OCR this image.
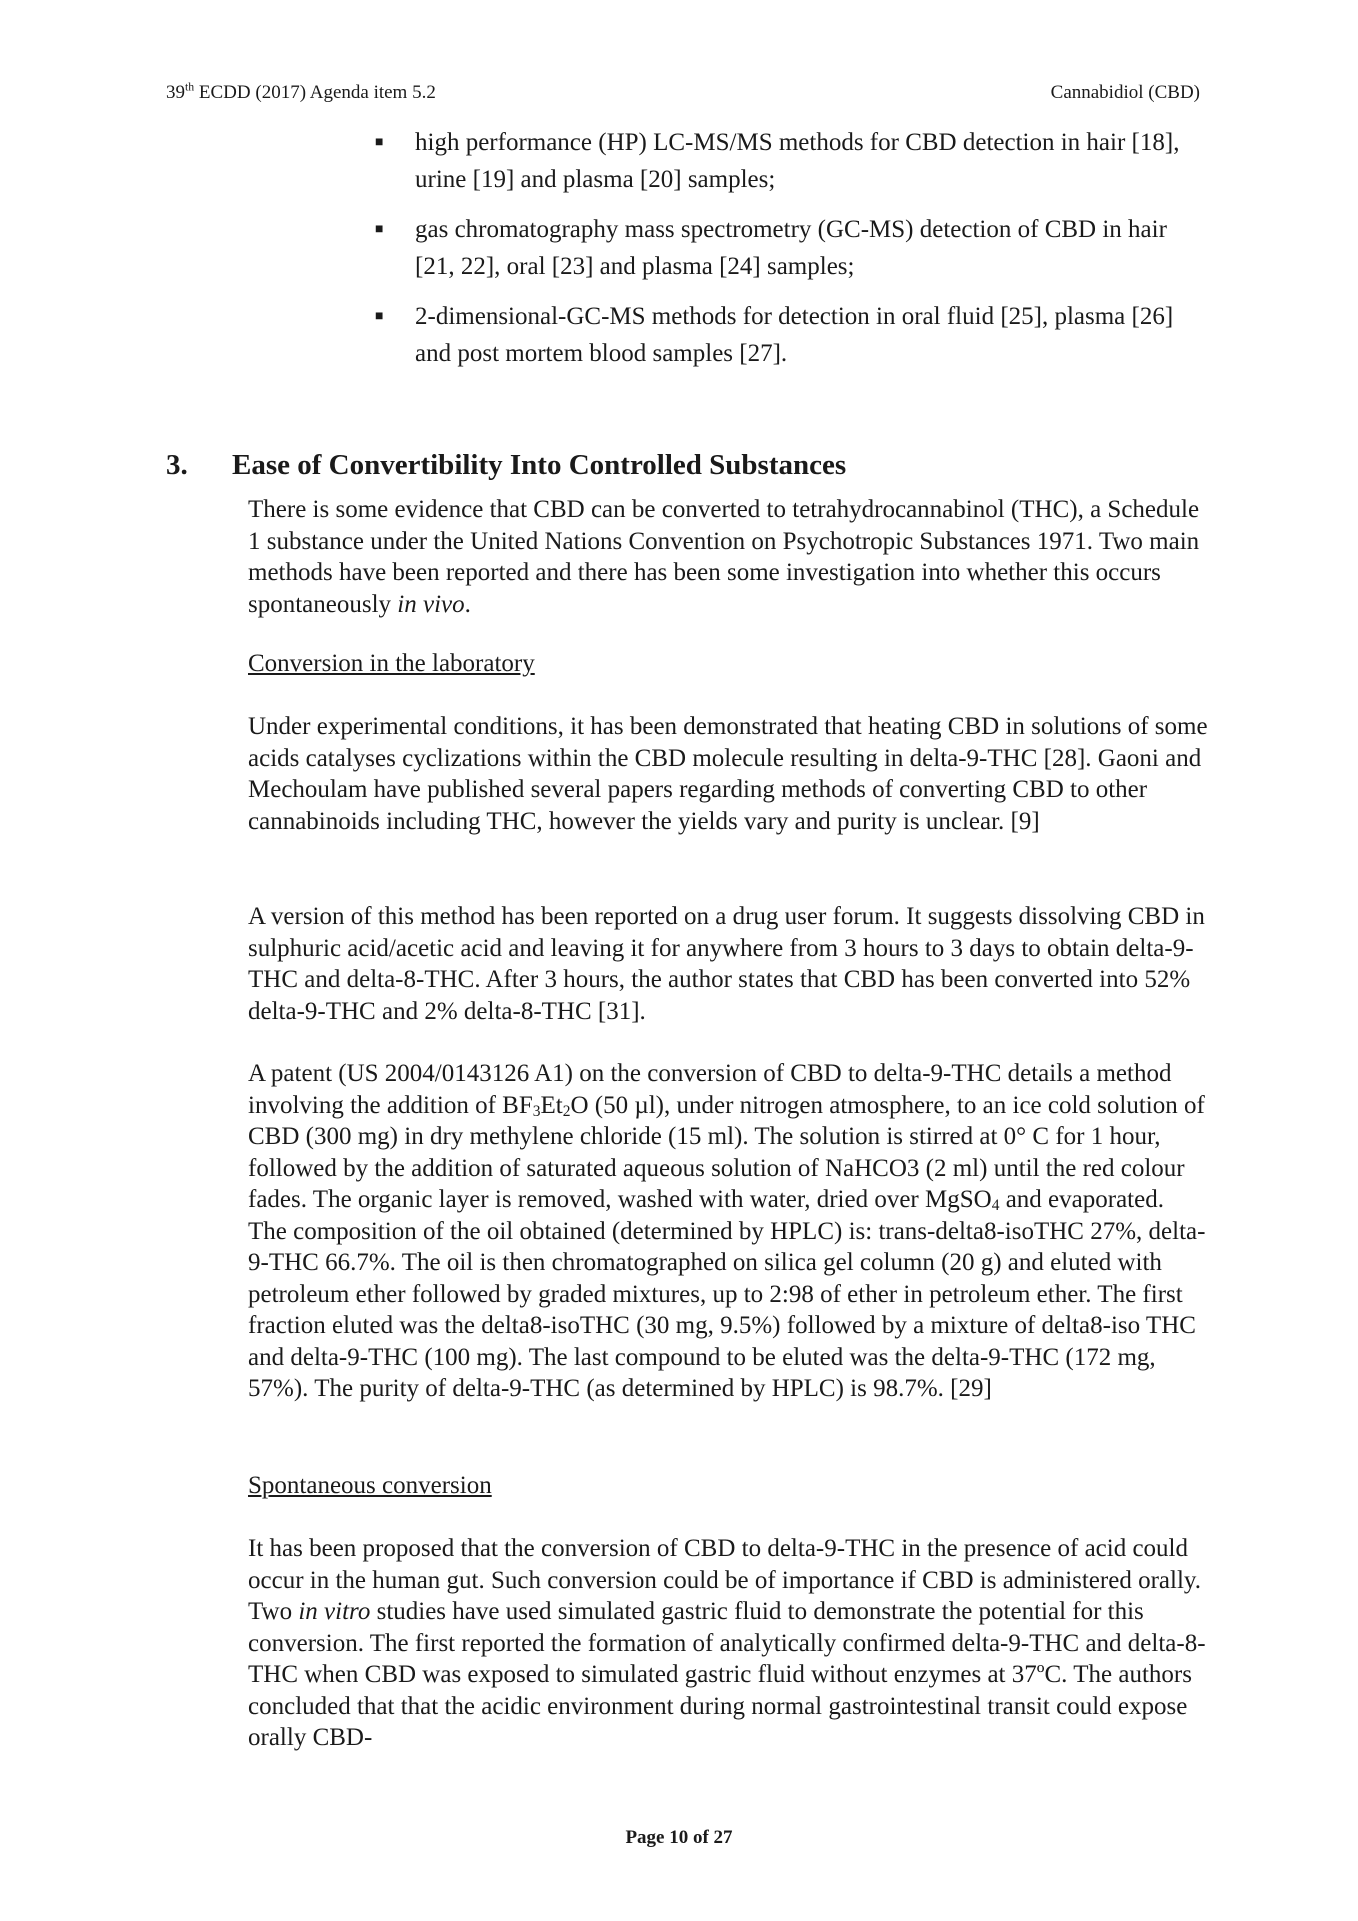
39th ECDD (2017) Agenda item 5.2	Cannabidiol (CBD)
■ high performance (HP) LC-MS/MS methods for CBD detection in hair [18], urine [19] and plasma [20] samples;
■ gas chromatography mass spectrometry (GC-MS) detection of CBD in hair [21, 22], oral [23] and plasma [24] samples;
■ 2-dimensional-GC-MS methods for detection in oral fluid [25], plasma [26] and post mortem blood samples [27].
3. Ease of Convertibility Into Controlled Substances

There is some evidence that CBD can be converted to tetrahydrocannabinol (THC), a Schedule 1 substance under the United Nations Convention on Psychotropic Substances 1971. Two main methods have been reported and there has been some investigation into whether this occurs spontaneously in vivo.

Conversion in the laboratory

Under experimental conditions, it has been demonstrated that heating CBD in solutions of some acids catalyses cyclizations within the CBD molecule resulting in delta-9-THC [28]. Gaoni and Mechoulam have published several papers regarding methods of converting CBD to other cannabinoids including THC, however the yields vary and purity is unclear. [9]

A version of this method has been reported on a drug user forum. It suggests dissolving CBD in sulphuric acid/acetic acid and leaving it for anywhere from 3 hours to 3 days to obtain delta-9-THC and delta-8-THC. After 3 hours, the author states that CBD has been converted into 52% delta-9-THC and 2% delta-8-THC [31].

A patent (US 2004/0143126 A1) on the conversion of CBD to delta-9-THC details a method involving the addition of $BF_3Et_2O$ (50 µl), under nitrogen atmosphere, to an ice cold solution of CBD (300 mg) in dry methylene chloride (15 ml). The solution is stirred at 0° C for 1 hour, followed by the addition of saturated aqueous solution of NaHCO3 (2 ml) until the red colour fades. The organic layer is removed, washed with water, dried over MgSO$_4$ and evaporated. The composition of the oil obtained (determined by HPLC) is: trans-delta8-isoTHC 27%, delta-9-THC 66.7%. The oil is then chromatographed on silica gel column (20 g) and eluted with petroleum ether followed by graded mixtures, up to 2:98 of ether in petroleum ether. The first fraction eluted was the delta8-isoTHC (30 mg, 9.5%) followed by a mixture of delta8-iso THC and delta-9-THC (100 mg). The last compound to be eluted was the delta-9-THC (172 mg, 57%). The purity of delta-9-THC (as determined by HPLC) is 98.7%. [29]

Spontaneous conversion

It has been proposed that the conversion of CBD to delta-9-THC in the presence of acid could occur in the human gut. Such conversion could be of importance if CBD is administered orally. Two in vitro studies have used simulated gastric fluid to demonstrate the potential for this conversion. The first reported the formation of analytically confirmed delta-9-THC and delta-8-THC when CBD was exposed to simulated gastric fluid without enzymes at 37ºC. The authors concluded that that the acidic environment during normal gastrointestinal transit could expose orally CBD-

Page 10 of 27
